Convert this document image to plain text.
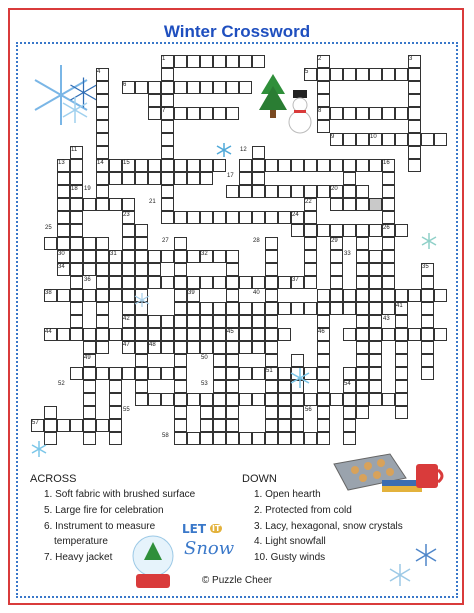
Winter Crossword
1	2	3
4	5
6
7	8
9	10
11	12
13	14	15	16
17
18 19	20
21	22
23	24
25	26
27	28	29
30	31	32	33
34	35
36	37
38	39	40
41
42	43
44	45	46
47	48
49	50
51
52	53	54
55	56
57
58
ACROSS
1. Soft fabric with brushed surface
5. Large fire for celebration
6. Instrument to measure
temperature
7. Heavy jacket
DOWN
1. Open hearth
2. Protected from cold
3. Lacy, hexagonal, snow crystals
4. Light snowfall
10. Gusty winds
LET IT
Snow
© Puzzle Cheer
